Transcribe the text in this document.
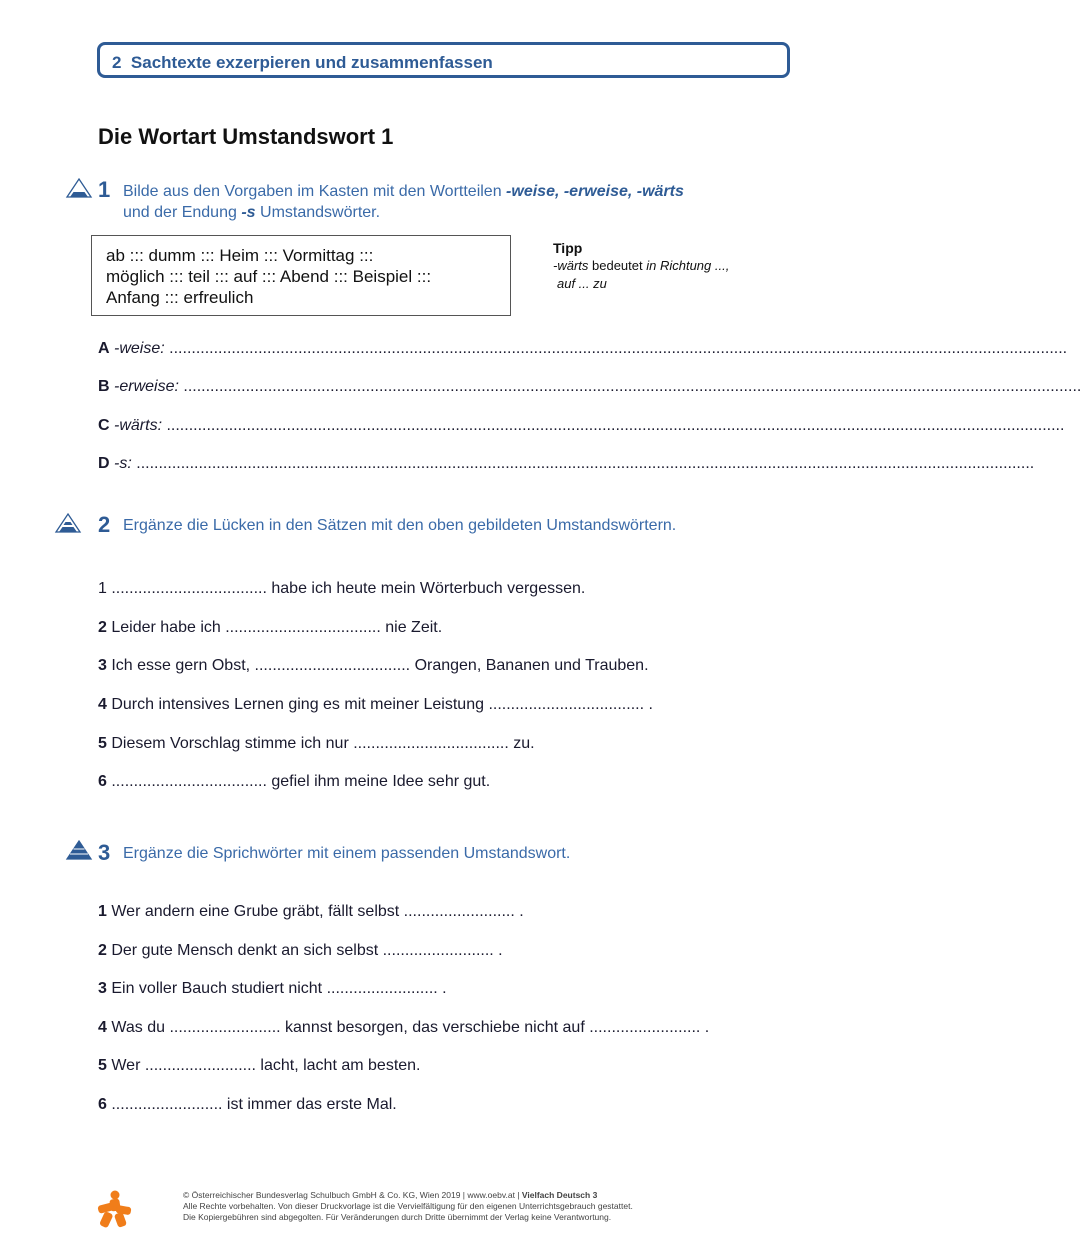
2 Sachtexte exzerpieren und zusammenfassen
Die Wortart Umstandswort 1
1 Bilde aus den Vorgaben im Kasten mit den Wortteilen -weise, -erweise, -wärts
und der Endung -s Umstandswörter.
ab ::: dumm ::: Heim ::: Vormittag :::
möglich ::: teil ::: auf ::: Abend ::: Beispiel :::
Anfang ::: erfreulich
Tipp
-wärts bedeutet in Richtung ...,
auf ... zu
A -weise: ..........................................................................................................................................................................................................
B -erweise: ..........................................................................................................................................................................................................
C -wärts: ..........................................................................................................................................................................................................
D -s: ..........................................................................................................................................................................................................
2 Ergänze die Lücken in den Sätzen mit den oben gebildeten Umstandswörtern.
1 ................................... habe ich heute mein Wörterbuch vergessen.
2 Leider habe ich ................................... nie Zeit.
3 Ich esse gern Obst, ................................... Orangen, Bananen und Trauben.
4 Durch intensives Lernen ging es mit meiner Leistung ................................... .
5 Diesem Vorschlag stimme ich nur ................................... zu.
6 ................................... gefiel ihm meine Idee sehr gut.
3 Ergänze die Sprichwörter mit einem passenden Umstandswort.
1 Wer andern eine Grube gräbt, fällt selbst ......................... .
2 Der gute Mensch denkt an sich selbst ......................... .
3 Ein voller Bauch studiert nicht ......................... .
4 Was du ......................... kannst besorgen, das verschiebe nicht auf ......................... .
5 Wer ......................... lacht, lacht am besten.
6 ......................... ist immer das erste Mal.
© Österreichischer Bundesverlag Schulbuch GmbH & Co. KG, Wien 2019 | www.oebv.at | Vielfach Deutsch 3
Alle Rechte vorbehalten. Von dieser Druckvorlage ist die Vervielfältigung für den eigenen Unterrichtsgebrauch gestattet.
Die Kopiergebühren sind abgegolten. Für Veränderungen durch Dritte übernimmt der Verlag keine Verantwortung.
